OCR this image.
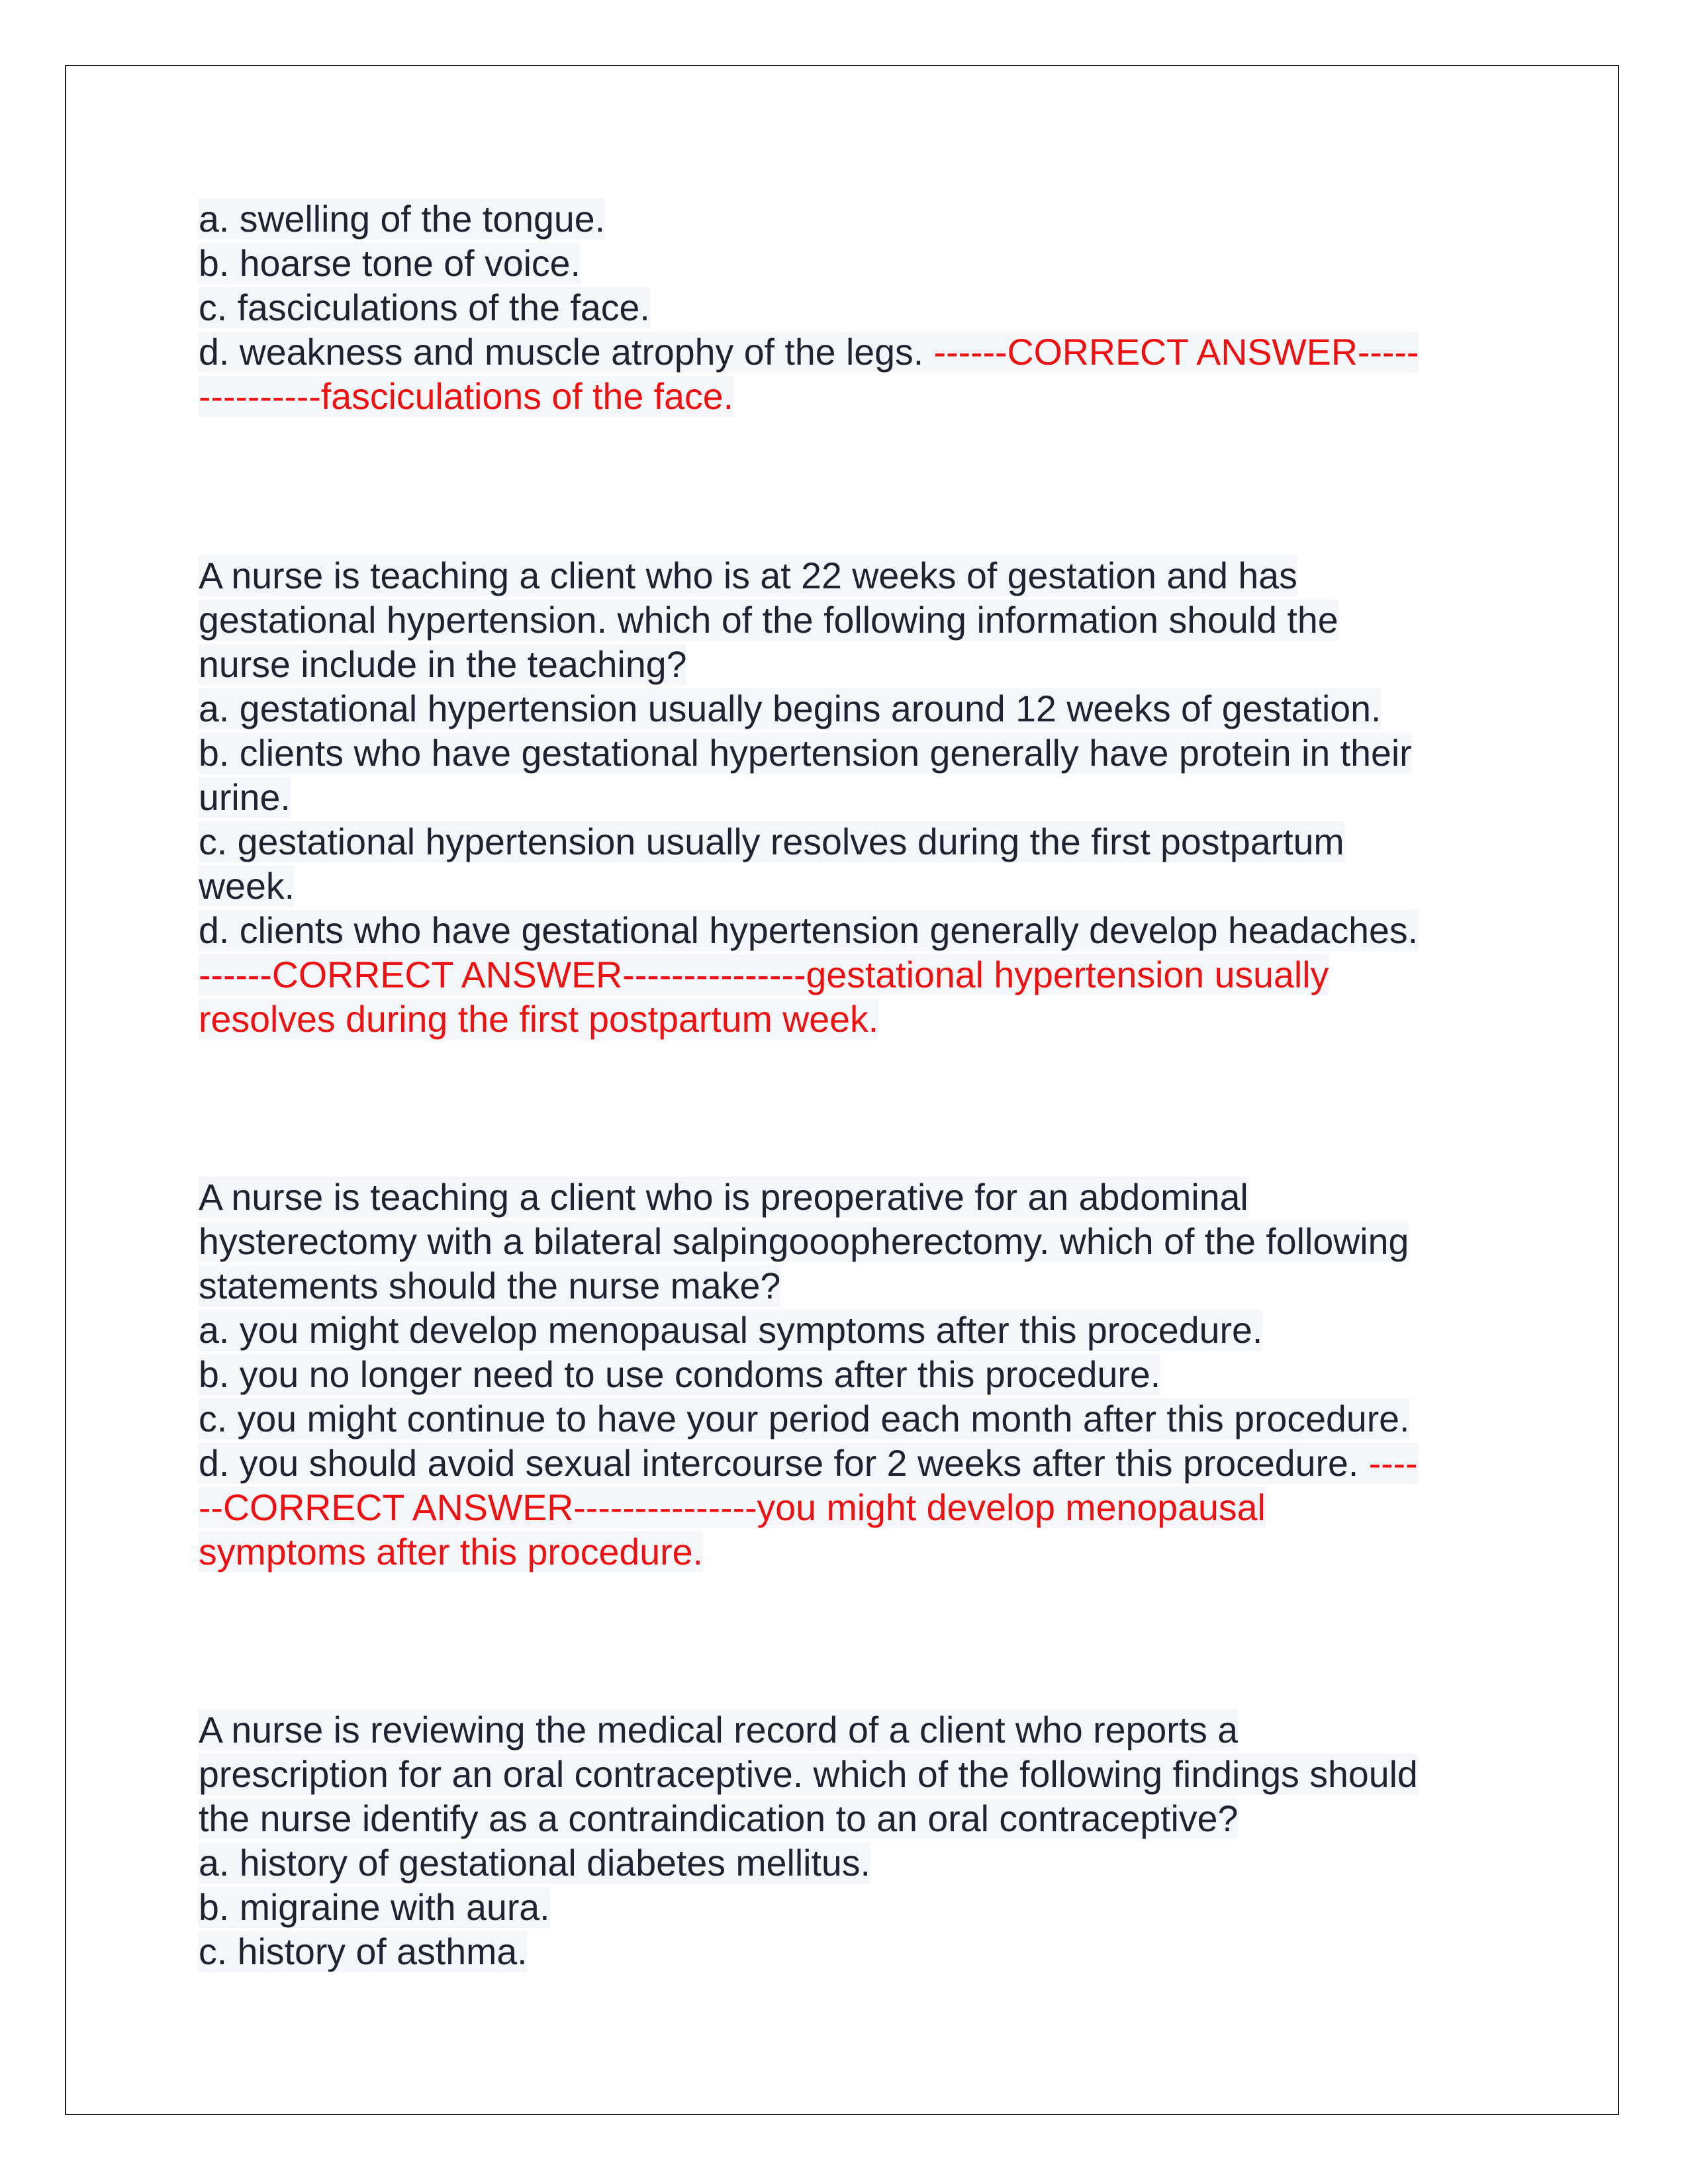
a. swelling of the tongue.
b. hoarse tone of voice.
c. fasciculations of the face.
d. weakness and muscle atrophy of the legs. ------CORRECT ANSWER-----
----------fasciculations of the face.
A nurse is teaching a client who is at 22 weeks of gestation and has
gestational hypertension. which of the following information should the
nurse include in the teaching?
a. gestational hypertension usually begins around 12 weeks of gestation.
b. clients who have gestational hypertension generally have protein in their
urine.
c. gestational hypertension usually resolves during the first postpartum
week.
d. clients who have gestational hypertension generally develop headaches.
------CORRECT ANSWER---------------gestational hypertension usually
resolves during the first postpartum week.
A nurse is teaching a client who is preoperative for an abdominal
hysterectomy with a bilateral salpingooopherectomy. which of the following
statements should the nurse make?
a. you might develop menopausal symptoms after this procedure.
b. you no longer need to use condoms after this procedure.
c. you might continue to have your period each month after this procedure.
d. you should avoid sexual intercourse for 2 weeks after this procedure. ----
--CORRECT ANSWER---------------you might develop menopausal
symptoms after this procedure.
A nurse is reviewing the medical record of a client who reports a
prescription for an oral contraceptive. which of the following findings should
the nurse identify as a contraindication to an oral contraceptive?
a. history of gestational diabetes mellitus.
b. migraine with aura.
c. history of asthma.
